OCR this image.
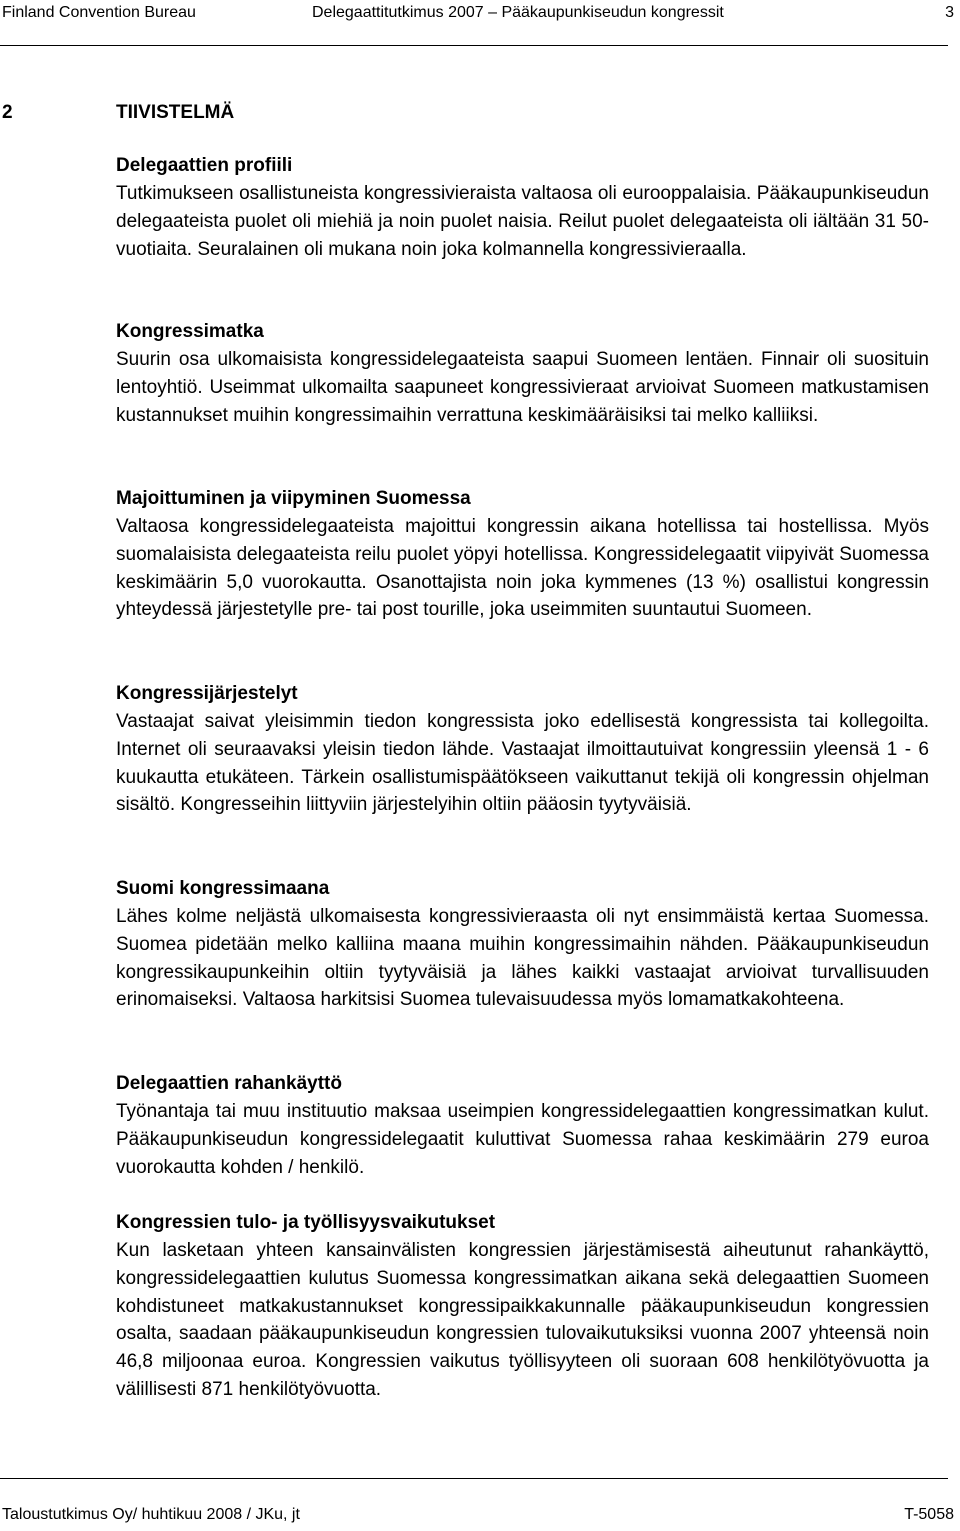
Finland Convention Bureau	Delegaattitutkimus 2007 – Pääkaupunkiseudun kongressit	3
2	TIIVISTELMÄ
Delegaattien profiili

Tutkimukseen osallistuneista kongressivieraista valtaosa oli eurooppalaisia. Pääkaupunkiseudun delegaateista puolet oli miehiä ja noin puolet naisia. Reilut puolet delegaateista oli iältään 31 50-vuotiaita. Seuralainen oli mukana noin joka kolmannella kongressivieraalla.

Kongressimatka

Suurin osa ulkomaisista kongressidelegaateista saapui Suomeen lentäen. Finnair oli suosituin lentoyhtiö. Useimmat ulkomailta saapuneet kongressivieraat arvioivat Suomeen matkustamisen kustannukset muihin kongressimaihin verrattuna keskimääräisiksi tai melko kalliiksi.

Majoittuminen ja viipyminen Suomessa

Valtaosa kongressidelegaateista majoittui kongressin aikana hotellissa tai hostellissa. Myös suomalaisista delegaateista reilu puolet yöpyi hotellissa. Kongressidelegaatit viipyivät Suomessa keskimäärin 5,0 vuorokautta. Osanottajista noin joka kymmenes (13 %) osallistui kongressin yhteydessä järjestetylle pre- tai post tourille, joka useimmiten suuntautui Suomeen.

Kongressijärjestelyt

Vastaajat saivat yleisimmin tiedon kongressista joko edellisestä kongressista tai kollegoilta. Internet oli seuraavaksi yleisin tiedon lähde. Vastaajat ilmoittautuivat kongressiin yleensä 1 - 6 kuukautta etukäteen. Tärkein osallistumispäätökseen vaikuttanut tekijä oli kongressin ohjelman sisältö. Kongresseihin liittyviin järjestelyihin oltiin pääosin tyytyväisiä.

Suomi kongressimaana

Lähes kolme neljästä ulkomaisesta kongressivieraasta oli nyt ensimmäistä kertaa Suomessa. Suomea pidetään melko kalliina maana muihin kongressimaihin nähden. Pääkaupunkiseudun kongressikaupunkeihin oltiin tyytyväisiä ja lähes kaikki vastaajat arvioivat turvallisuuden erinomaiseksi. Valtaosa harkitsisi Suomea tulevaisuudessa myös lomamatkakohteena.

Delegaattien rahankäyttö

Työnantaja tai muu instituutio maksaa useimpien kongressidelegaattien kongressimatkan kulut. Pääkaupunkiseudun kongressidelegaatit kuluttivat Suomessa rahaa keskimäärin 279 euroa vuorokautta kohden / henkilö.

Kongressien tulo- ja työllisyysvaikutukset

Kun lasketaan yhteen kansainvälisten kongressien järjestämisestä aiheutunut rahankäyttö, kongressidelegaattien kulutus Suomessa kongressimatkan aikana sekä delegaattien Suomeen kohdistuneet matkakustannukset kongressipaikkakunnalle pääkaupunkiseudun kongressien osalta, saadaan pääkaupunkiseudun kongressien tulovaikutuksiksi vuonna 2007 yhteensä noin 46,8 miljoonaa euroa. Kongressien vaikutus työllisyyteen oli suoraan 608 henkilötyövuotta ja välillisesti 871 henkilötyövuotta.

Taloustutkimus Oy/ huhtikuu 2008 / JKu, jt	T-5058
